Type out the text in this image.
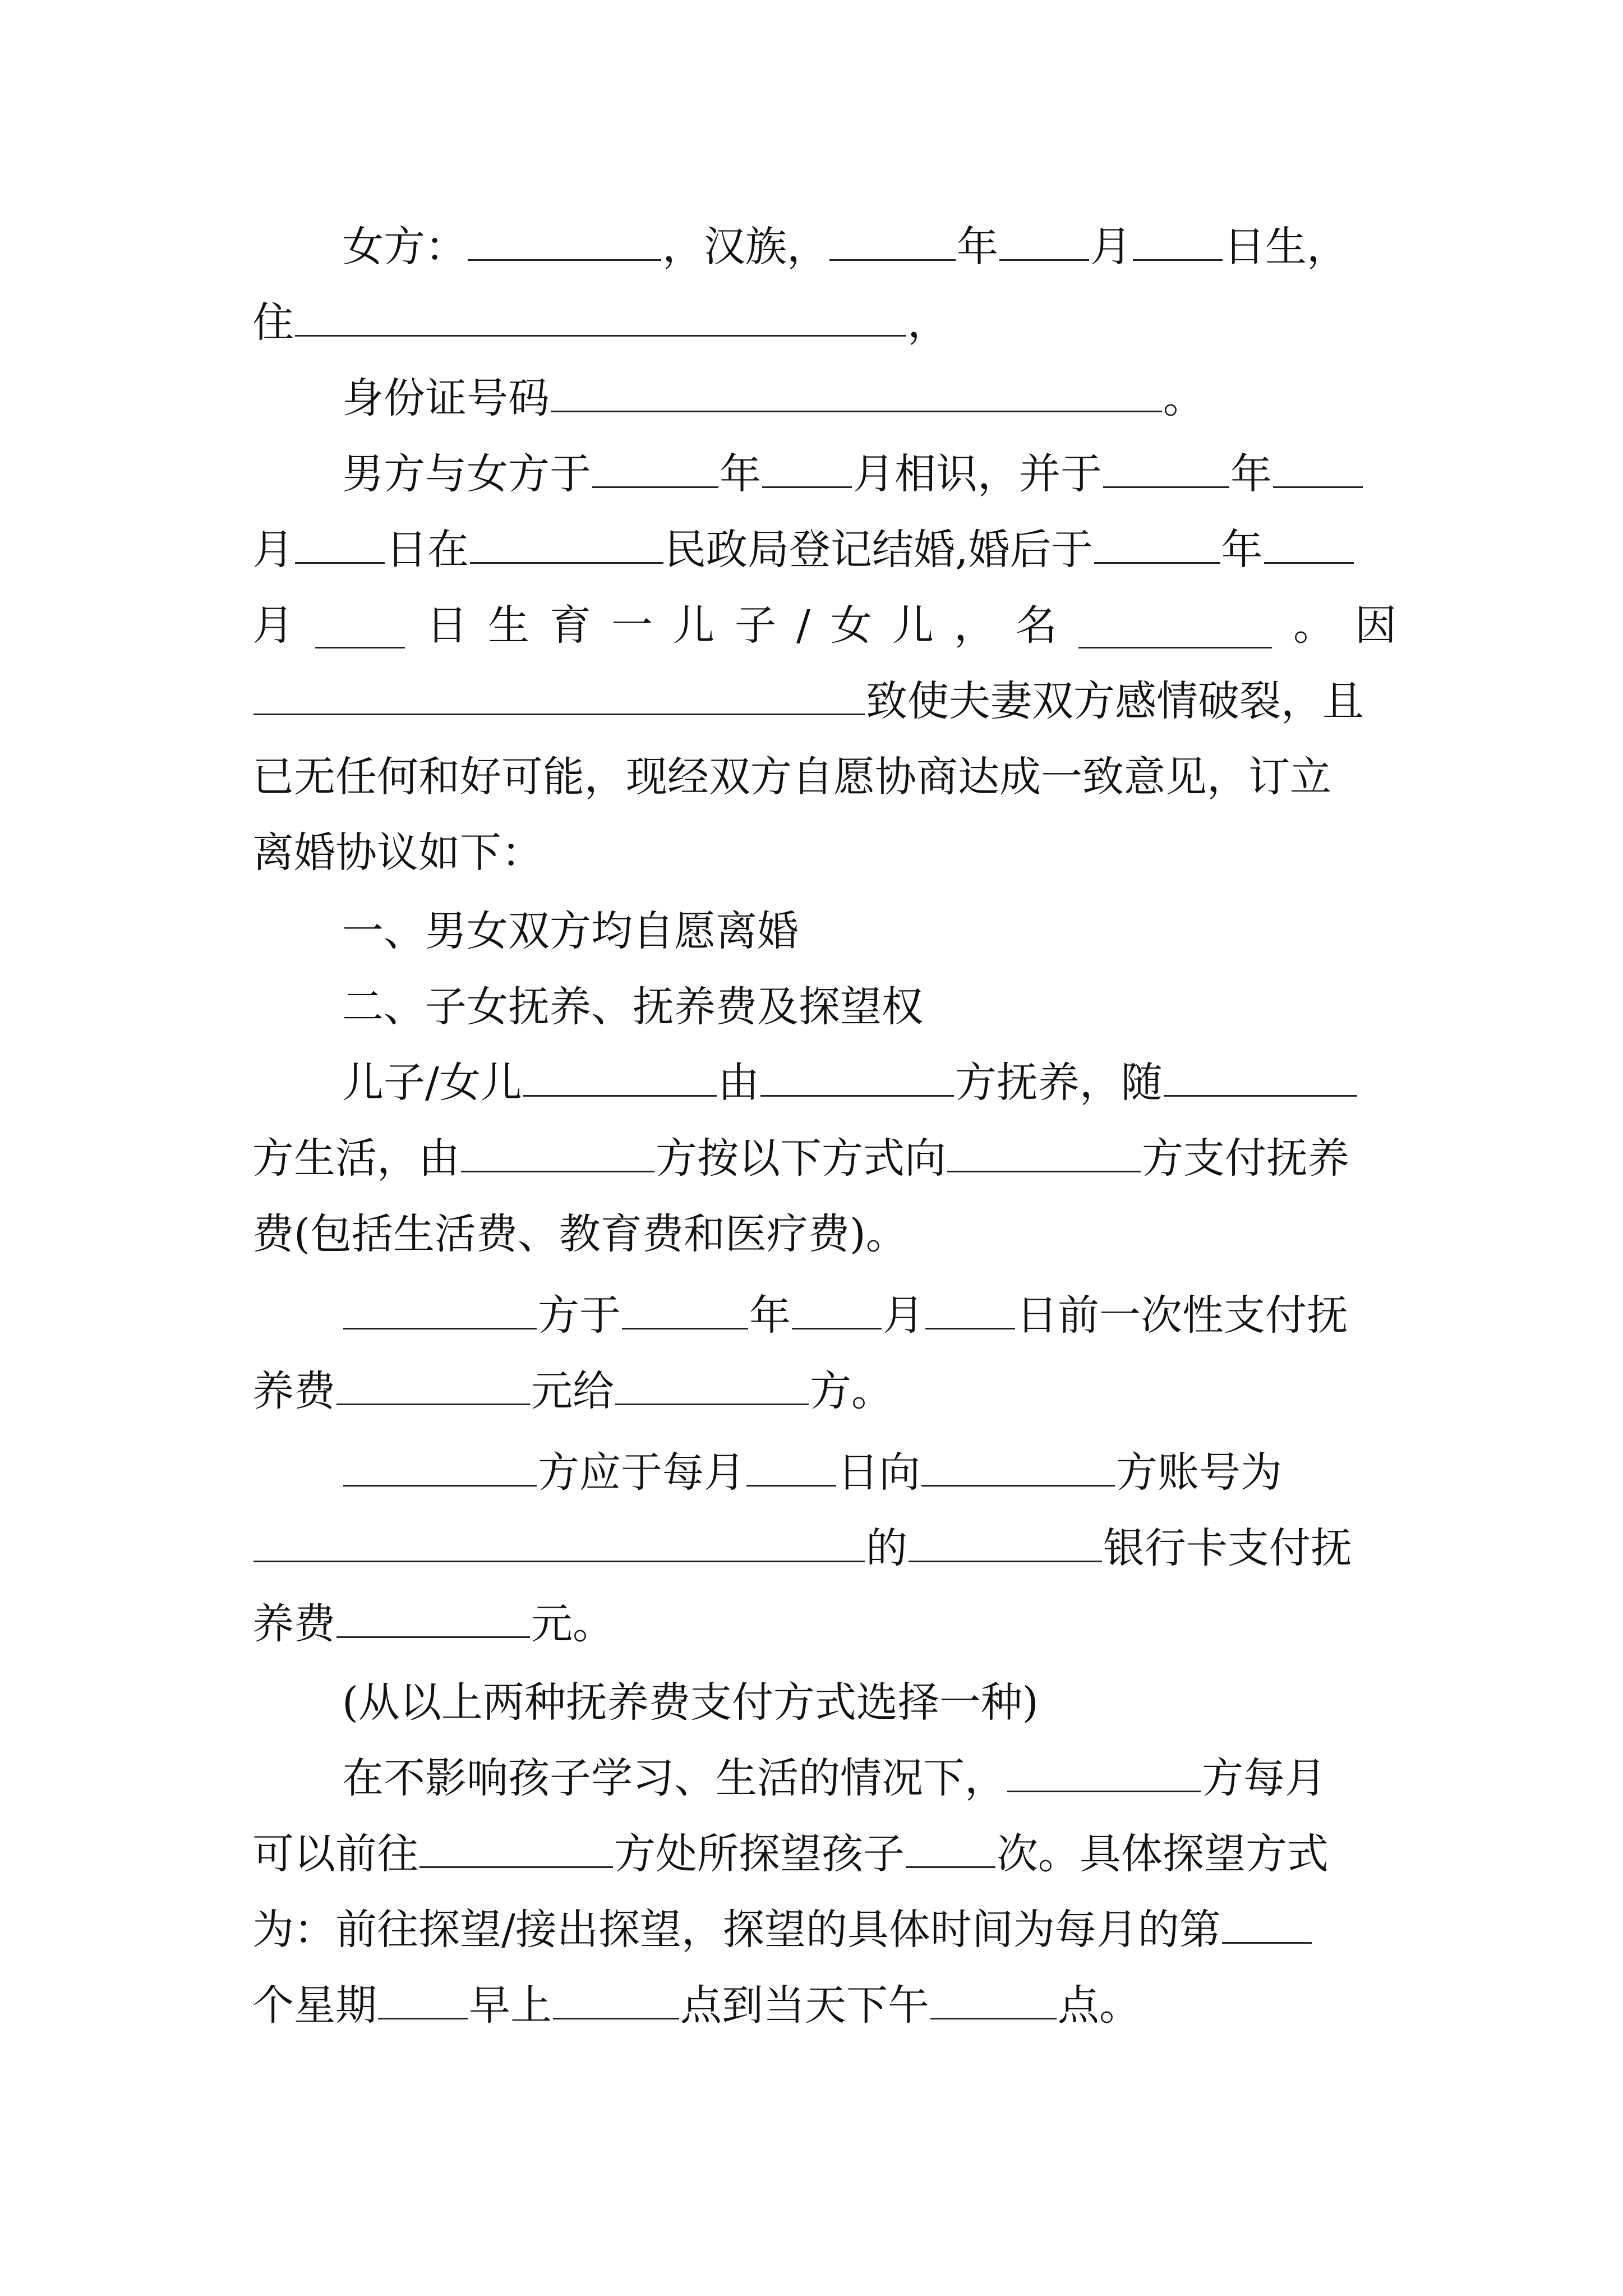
女方：	，汉族，	年 月 日生，
住	，
身份证号码	。
男方与女方于	年 月相识，并于	年
月 日在	民政局登记结婚,婚后于	年
月	日 生 育 一 儿 子 / 女 儿 ， 名	。 因
致使夫妻双方感情破裂，且
已无任何和好可能，现经双方自愿协商达成一致意见，订立
离婚协议如下：
一、男女双方均自愿离婚
二、子女抚养、抚养费及探望权
儿子/女儿	由	方抚养，随
方生活，由	方按以下方式向	方支付抚养
费(包括生活费、教育费和医疗费)。
方于	年 月 日前一次性支付抚
养费	元给	方。
方应于每月 日向	方账号为
的	银行卡支付抚
养费	元。
(从以上两种抚养费支付方式选择一种)
在不影响孩子学习、生活的情况下，	方每月
可以前往	方处所探望孩子 次。具体探望方式
为：前往探望/接出探望，探望的具体时间为每月的第
个星期 早上	点到当天下午	点。
